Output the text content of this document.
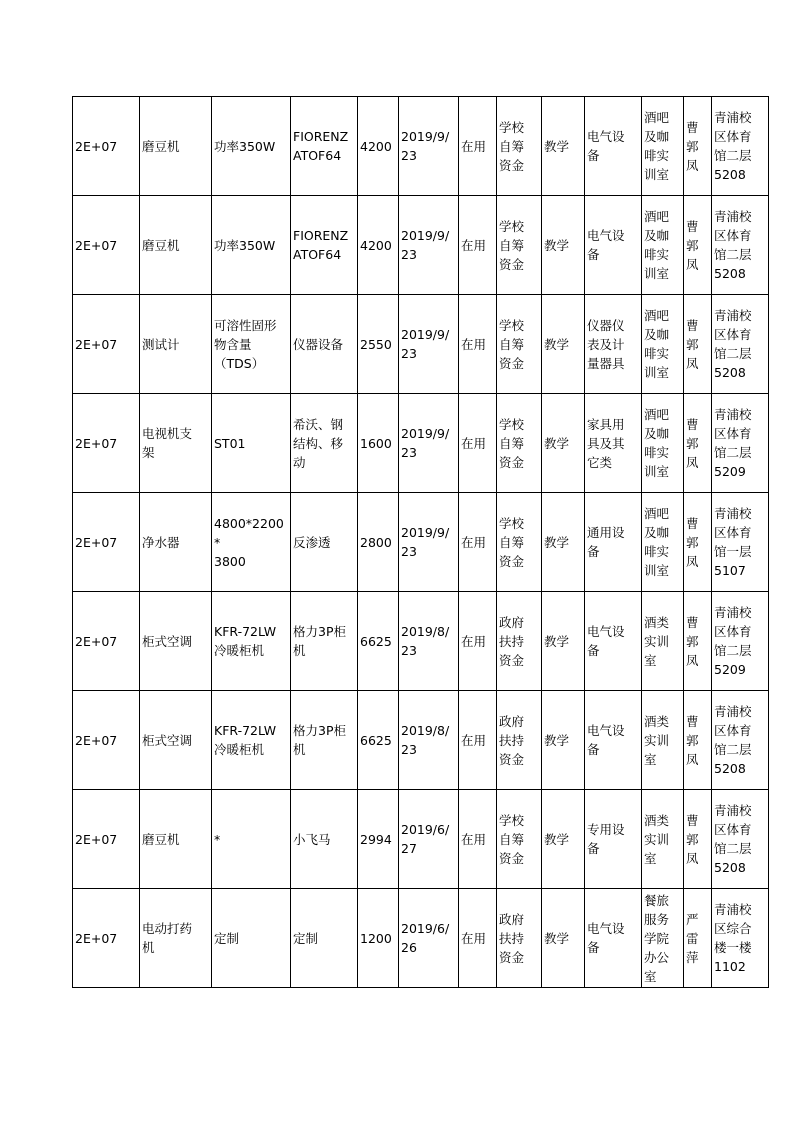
2E+07	磨豆机	功率350W	FIORENZ
ATOF64	4200	2019/9/
23	在用	学校
自筹
资金	教学	电气设
备	酒吧
及咖
啡实
训室	曹
郭
凤	青浦校
区体育
馆二层
5208
2E+07	磨豆机	功率350W	FIORENZ
ATOF64	4200	2019/9/
23	在用	学校
自筹
资金	教学	电气设
备	酒吧
及咖
啡实
训室	曹
郭
凤	青浦校
区体育
馆二层
5208
2E+07	测试计	可溶性固形
物含量
（TDS）	仪器设备	2550	2019/9/
23	在用	学校
自筹
资金	教学	仪器仪
表及计
量器具	酒吧
及咖
啡实
训室	曹
郭
凤	青浦校
区体育
馆二层
5208
2E+07	电视机支
架	ST01	希沃、钢
结构、移
动	1600	2019/9/
23	在用	学校
自筹
资金	教学	家具用
具及其
它类	酒吧
及咖
啡实
训室	曹
郭
凤	青浦校
区体育
馆二层
5209
2E+07	净水器	4800*2200*
3800	反渗透	2800	2019/9/
23	在用	学校
自筹
资金	教学	通用设
备	酒吧
及咖
啡实
训室	曹
郭
凤	青浦校
区体育
馆一层
5107
2E+07	柜式空调	KFR-72LW
冷暖柜机	格力3P柜
机	6625	2019/8/
23	在用	政府
扶持
资金	教学	电气设
备	酒类
实训
室	曹
郭
凤	青浦校
区体育
馆二层
5209
2E+07	柜式空调	KFR-72LW
冷暖柜机	格力3P柜
机	6625	2019/8/
23	在用	政府
扶持
资金	教学	电气设
备	酒类
实训
室	曹
郭
凤	青浦校
区体育
馆二层
5208
2E+07	磨豆机	*	小飞马	2994	2019/6/
27	在用	学校
自筹
资金	教学	专用设
备	酒类
实训
室	曹
郭
凤	青浦校
区体育
馆二层
5208
2E+07	电动打药
机	定制	定制	1200	2019/6/
26	在用	政府
扶持
资金	教学	电气设
备	餐旅
服务
学院
办公
室	严
雷
萍	青浦校
区综合
楼一楼
1102
